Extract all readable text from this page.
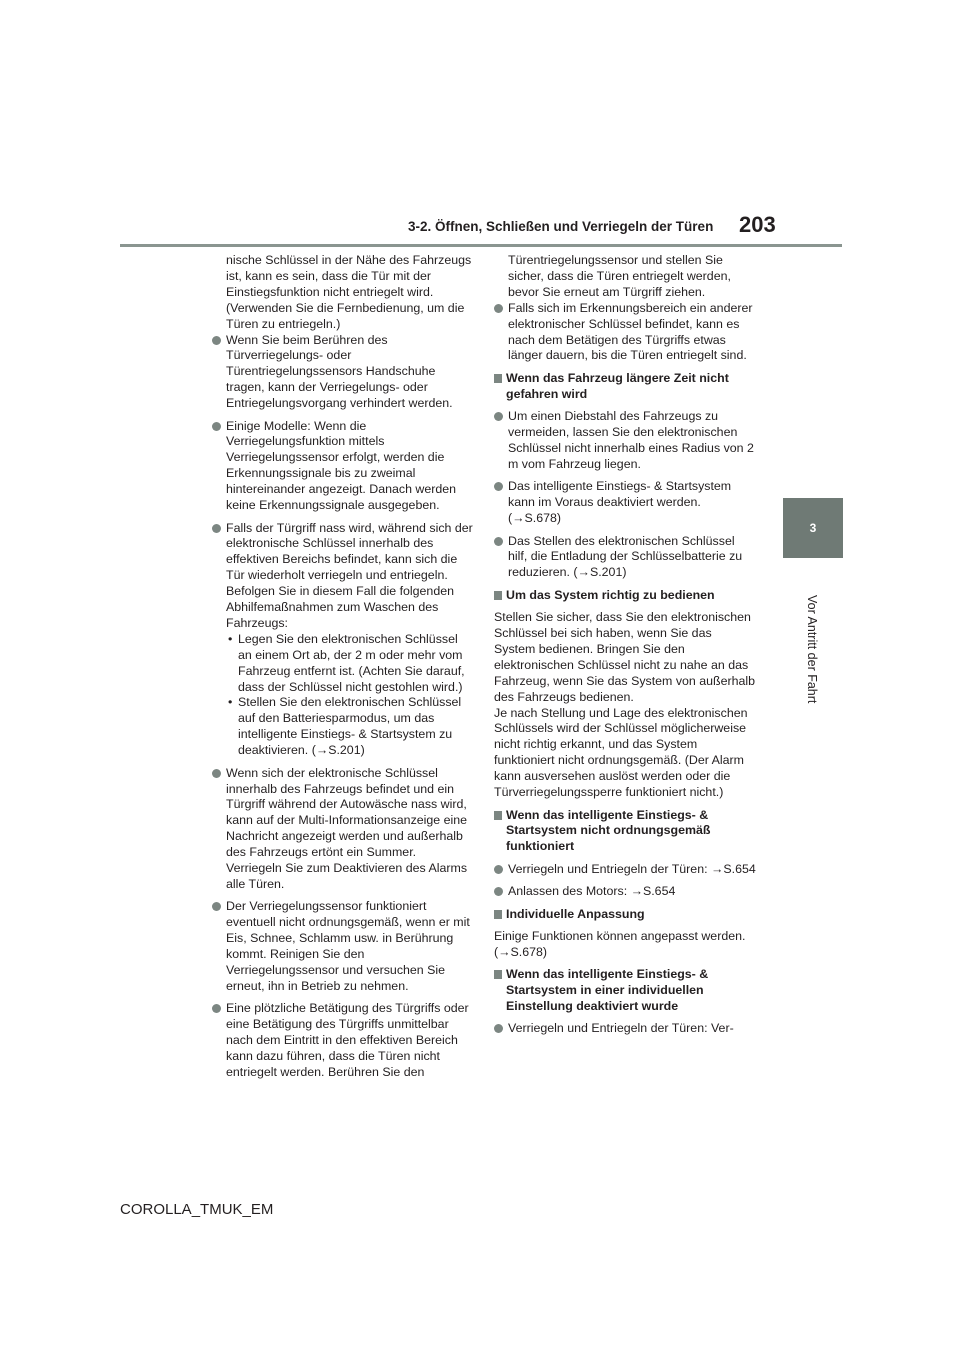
3-2. Öffnen, Schließen und Verriegeln der Türen 203
3
Vor Antritt der Fahrt

nische Schlüssel in der Nähe des Fahrzeugs ist, kann es sein, dass die Tür mit der Einstiegsfunktion nicht entriegelt wird. (Verwenden Sie die Fernbedienung, um die Türen zu entriegeln.)

Wenn Sie beim Berühren des Türverriegelungs- oder Türentriegelungssensors Handschuhe tragen, kann der Verriegelungs- oder Entriegelungsvorgang verhindert werden.
Einige Modelle: Wenn die Verriegelungsfunktion mittels Verriegelungssensor erfolgt, werden die Erkennungssignale bis zu zweimal hintereinander angezeigt. Danach werden keine Erkennungssignale ausgegeben.
Falls der Türgriff nass wird, während sich der elektronische Schlüssel innerhalb des effektiven Bereichs befindet, kann sich die Tür wiederholt verriegeln und entriegeln. Befolgen Sie in diesem Fall die folgenden Abhilfemaßnahmen zum Waschen des Fahrzeugs:
• Legen Sie den elektronischen Schlüssel an einem Ort ab, der 2 m oder mehr vom Fahrzeug entfernt ist. (Achten Sie darauf, dass der Schlüssel nicht gestohlen wird.)
• Stellen Sie den elektronischen Schlüssel auf den Batteriesparmodus, um das intelligente Einstiegs- & Startsystem zu deaktivieren. (→S.201)
Wenn sich der elektronische Schlüssel innerhalb des Fahrzeugs befindet und ein Türgriff während der Autowäsche nass wird, kann auf der Multi-Informationsanzeige eine Nachricht angezeigt werden und außerhalb des Fahrzeugs ertönt ein Summer. Verriegeln Sie zum Deaktivieren des Alarms alle Türen.
Der Verriegelungssensor funktioniert eventuell nicht ordnungsgemäß, wenn er mit Eis, Schnee, Schlamm usw. in Berührung kommt. Reinigen Sie den Verriegelungssensor und versuchen Sie erneut, ihn in Betrieb zu nehmen.
Eine plötzliche Betätigung des Türgriffs oder eine Betätigung des Türgriffs unmittelbar nach dem Eintritt in den effektiven Bereich kann dazu führen, dass die Türen nicht entriegelt werden. Berühren Sie den

Türentriegelungssensor und stellen Sie sicher, dass die Türen entriegelt werden, bevor Sie erneut am Türgriff ziehen.

Falls sich im Erkennungsbereich ein anderer elektronischer Schlüssel befindet, kann es nach dem Betätigen des Türgriffs etwas länger dauern, bis die Türen entriegelt sind.
Wenn das Fahrzeug längere Zeit nicht gefahren wird
Um einen Diebstahl des Fahrzeugs zu vermeiden, lassen Sie den elektronischen Schlüssel nicht innerhalb eines Radius von 2 m vom Fahrzeug liegen.
Das intelligente Einstiegs- & Startsystem kann im Voraus deaktiviert werden. (→S.678)
Das Stellen des elektronischen Schlüssel hilf, die Entladung der Schlüsselbatterie zu reduzieren. (→S.201)
Um das System richtig zu bedienen

Stellen Sie sicher, dass Sie den elektronischen Schlüssel bei sich haben, wenn Sie das System bedienen. Bringen Sie den elektronischen Schlüssel nicht zu nahe an das Fahrzeug, wenn Sie das System von außerhalb des Fahrzeugs bedienen.

Je nach Stellung und Lage des elektronischen Schlüssels wird der Schlüssel möglicherweise nicht richtig erkannt, und das System funktioniert nicht ordnungsgemäß. (Der Alarm kann ausversehen auslöst werden oder die Türverriegelungssperre funktioniert nicht.)

Wenn das intelligente Einstiegs- & Startsystem nicht ordnungsgemäß funktioniert
Verriegeln und Entriegeln der Türen: →S.654
Anlassen des Motors: →S.654
Individuelle Anpassung

Einige Funktionen können angepasst werden. (→S.678)

Wenn das intelligente Einstiegs- & Startsystem in einer individuellen Einstellung deaktiviert wurde
Verriegeln und Entriegeln der Türen: Ver-
COROLLA_TMUK_EM
